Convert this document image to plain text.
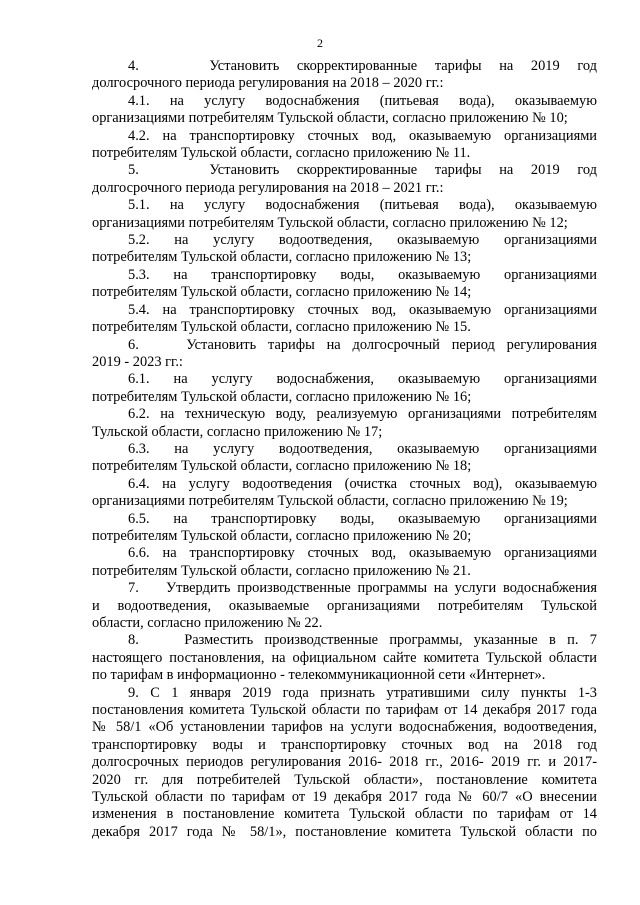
2
4.    Установить скорректированные тарифы на 2019 год
долгосрочного периода регулирования на 2018 – 2020 гг.:
4.1. на услугу водоснабжения (питьевая вода), оказываемую
организациями потребителям Тульской области, согласно приложению № 10;
4.2. на транспортировку сточных вод, оказываемую организациями
потребителям Тульской области, согласно приложению № 11.
5.    Установить скорректированные тарифы на 2019 год
долгосрочного периода регулирования на 2018 – 2021 гг.:
5.1. на услугу водоснабжения (питьевая вода), оказываемую
организациями потребителям Тульской области, согласно приложению № 12;
5.2. на услугу водоотведения, оказываемую организациями
потребителям Тульской области, согласно приложению № 13;
5.3. на транспортировку воды, оказываемую организациями
потребителям Тульской области, согласно приложению № 14;
5.4. на транспортировку сточных вод, оказываемую организациями
потребителям Тульской области, согласно приложению № 15.
6.    Установить тарифы на долгосрочный период регулирования
2019 - 2023 гг.:
6.1. на услугу водоснабжения, оказываемую организациями
потребителям Тульской области, согласно приложению № 16;
6.2. на техническую воду, реализуемую организациями потребителям
Тульской области, согласно приложению № 17;
6.3. на услугу водоотведения, оказываемую организациями
потребителям Тульской области, согласно приложению № 18;
6.4. на услугу водоотведения (очистка сточных вод), оказываемую
организациями потребителям Тульской области, согласно приложению № 19;
6.5. на транспортировку воды, оказываемую организациями
потребителям Тульской области, согласно приложению № 20;
6.6. на транспортировку сточных вод, оказываемую организациями
потребителям Тульской области, согласно приложению № 21.
7.    Утвердить производственные программы на услуги водоснабжения
и водоотведения, оказываемые организациями потребителям Тульской
области, согласно приложению № 22.
8.    Разместить производственные программы, указанные в п. 7
настоящего постановления, на официальном сайте комитета Тульской области
по тарифам в информационно - телекоммуникационной сети «Интернет».
9. С 1 января 2019 года признать утратившими силу пункты 1-3
постановления комитета Тульской области по тарифам от 14 декабря 2017 года
№ 58/1 «Об установлении тарифов на услуги водоснабжения, водоотведения,
транспортировку воды и транспортировку сточных вод на 2018 год
долгосрочных периодов регулирования 2016- 2018 гг., 2016- 2019 гг. и 2017-
2020 гг. для потребителей Тульской области», постановление комитета
Тульской области по тарифам от 19 декабря 2017 года № 60/7 «О внесении
изменения в постановление комитета Тульской области по тарифам от 14
декабря 2017 года № 58/1», постановление комитета Тульской области по
